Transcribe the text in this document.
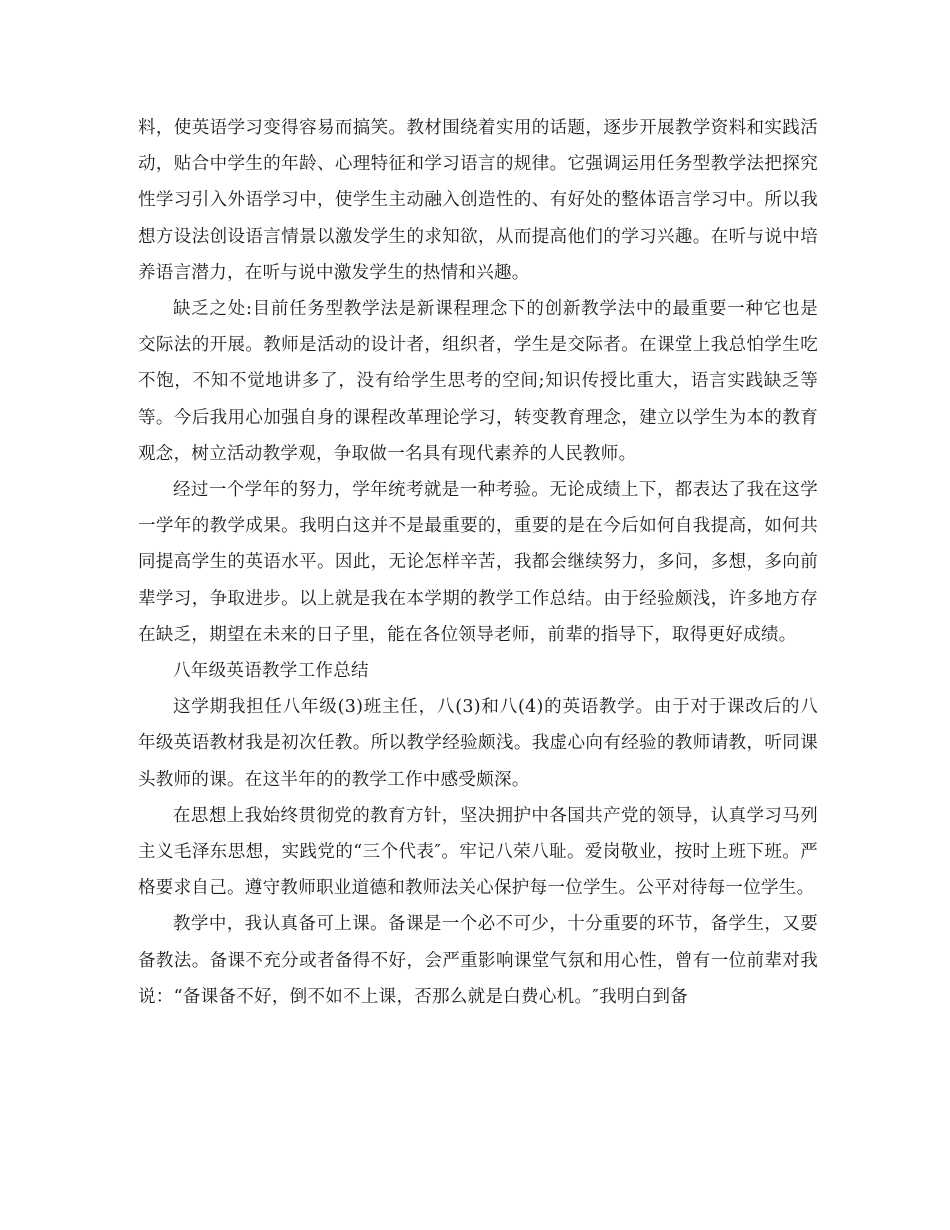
料，使英语学习变得容易而搞笑。教材围绕着实用的话题，逐步开展教学资料和实践活动，贴合中学生的年龄、心理特征和学习语言的规律。它强调运用任务型教学法把探究性学习引入外语学习中，使学生主动融入创造性的、有好处的整体语言学习中。所以我想方设法创设语言情景以激发学生的求知欲，从而提高他们的学习兴趣。在听与说中培养语言潜力，在听与说中激发学生的热情和兴趣。

缺乏之处:目前任务型教学法是新课程理念下的创新教学法中的最重要一种它也是交际法的开展。教师是活动的设计者，组织者，学生是交际者。在课堂上我总怕学生吃不饱，不知不觉地讲多了，没有给学生思考的空间;知识传授比重大，语言实践缺乏等等。今后我用心加强自身的课程改革理论学习，转变教育理念，建立以学生为本的教育观念，树立活动教学观，争取做一名具有现代素养的人民教师。

经过一个学年的努力，学年统考就是一种考验。无论成绩上下，都表达了我在这学一学年的教学成果。我明白这并不是最重要的，重要的是在今后如何自我提高，如何共同提高学生的英语水平。因此，无论怎样辛苦，我都会继续努力，多问，多想，多向前辈学习，争取进步。以上就是我在本学期的教学工作总结。由于经验颇浅，许多地方存在缺乏，期望在未来的日子里，能在各位领导老师，前辈的指导下，取得更好成绩。

八年级英语教学工作总结

这学期我担任八年级(3)班主任，八(3)和八(4)的英语教学。由于对于课改后的八年级英语教材我是初次任教。所以教学经验颇浅。我虚心向有经验的教师请教，听同课头教师的课。在这半年的的教学工作中感受颇深。

在思想上我始终贯彻党的教育方针，坚决拥护中各国共产党的领导，认真学习马列主义毛泽东思想，实践党的“三个代表″。牢记八荣八耻。爱岗敬业，按时上班下班。严格要求自己。遵守教师职业道德和教师法关心保护每一位学生。公平对待每一位学生。

教学中，我认真备可上课。备课是一个必不可少，十分重要的环节，备学生，又要备教法。备课不充分或者备得不好，会严重影响课堂气氛和用心性，曾有一位前辈对我说：“备课备不好，倒不如不上课，否那么就是白费心机。″我明白到备
